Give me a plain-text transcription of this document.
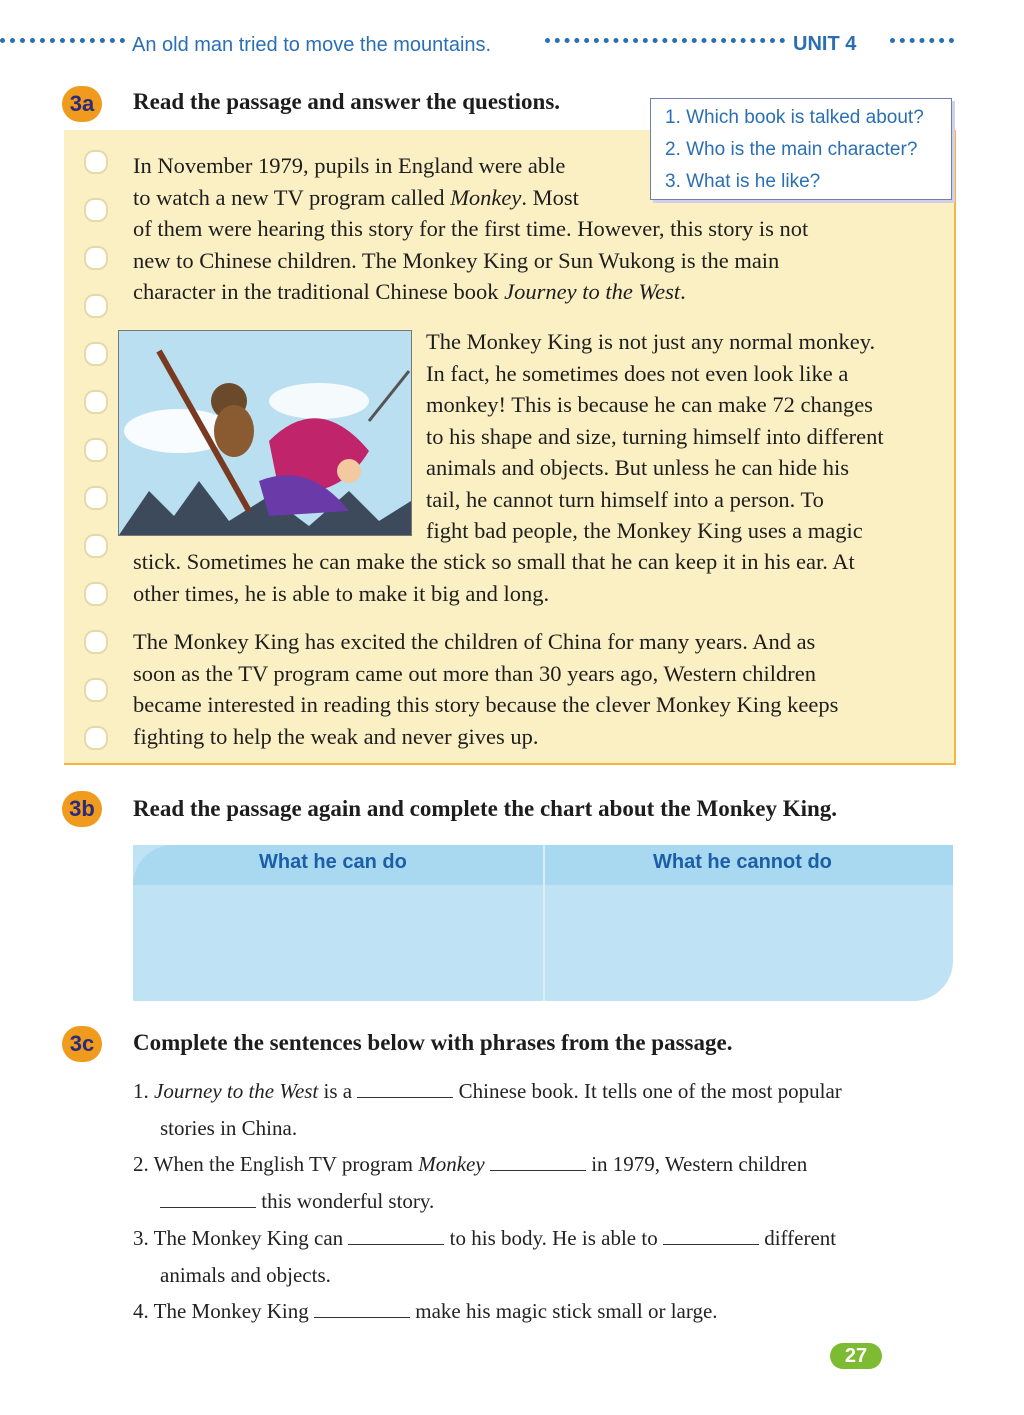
An old man tried to move the mountains.	UNIT 4
3a	Read the passage and answer the questions.
1. Which book is talked about?
2. Who is the main character?
3. What is he like?
In November 1979, pupils in England were able
to watch a new TV program called Monkey. Most
of them were hearing this story for the first time. However, this story is not
new to Chinese children. The Monkey King or Sun Wukong is the main
character in the traditional Chinese book Journey to the West.
The Monkey King is not just any normal monkey.
In fact, he sometimes does not even look like a
monkey! This is because he can make 72 changes
to his shape and size, turning himself into different
animals and objects. But unless he can hide his
tail, he cannot turn himself into a person. To
fight bad people, the Monkey King uses a magic
stick. Sometimes he can make the stick so small that he can keep it in his ear. At
other times, he is able to make it big and long.
The Monkey King has excited the children of China for many years. And as
soon as the TV program came out more than 30 years ago, Western children
became interested in reading this story because the clever Monkey King keeps
fighting to help the weak and never gives up.
3b	Read the passage again and complete the chart about the Monkey King.
What he can do	What he cannot do
3c	Complete the sentences below with phrases from the passage.
1. Journey to the West is a	Chinese book. It tells one of the most popular
stories in China.
2. When the English TV program Monkey	in 1979, Western children
this wonderful story.
3. The Monkey King can	to his body. He is able to	different
animals and objects.
4. The Monkey King	make his magic stick small or large.
27
